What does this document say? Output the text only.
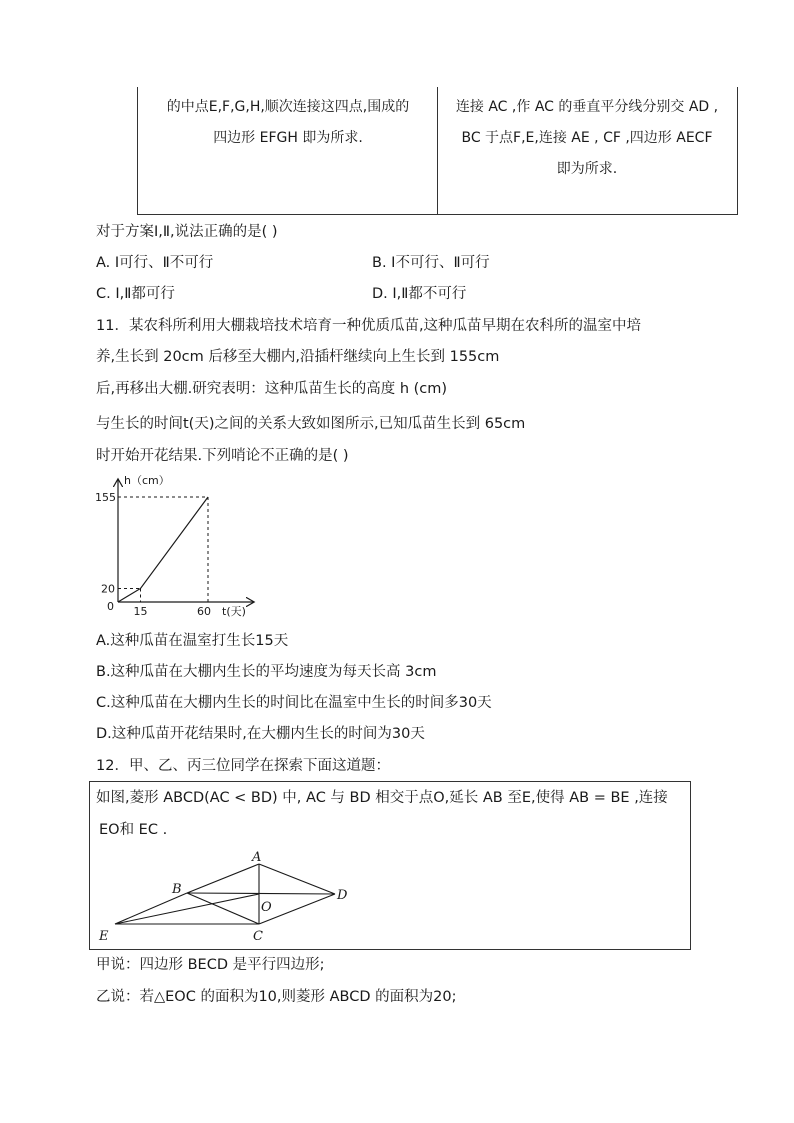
的中点E,F,G,H,顺次连接这四点,围成的
四边形 EFGH 即为所求.
连接 AC ,作 AC 的垂直平分线分别交 AD ,
BC 于点F,E,连接 AE , CF ,四边形 AECF
即为所求.
对于方案Ⅰ,Ⅱ,说法正确的是( )
A. Ⅰ可行、Ⅱ不可行	B. Ⅰ不可行、Ⅱ可行
C. Ⅰ,Ⅱ都可行	D. Ⅰ,Ⅱ都不可行
11．某农科所利用大棚栽培技术培育一种优质瓜苗,这种瓜苗早期在农科所的温室中培
养,生长到 20cm 后移至大棚内,沿插杆继续向上生长到 155cm
后,再移出大棚.研究表明：这种瓜苗生长的高度 h (cm)
与生长的时间t(天)之间的关系大致如图所示,已知瓜苗生长到 65cm
时开始开花结果.下列哨论不正确的是( )
h（cm）
0
20
155
15	60 t(天)
A.这种瓜苗在温室打生长15天
B.这种瓜苗在大棚内生长的平均速度为每天长高 3cm
C.这种瓜苗在大棚内生长的时间比在温室中生长的时间多30天
D.这种瓜苗开花结果时,在大棚内生长的时间为30天
12．甲、乙、丙三位同学在探索下面这道题：
如图,菱形 ABCD(AC < BD) 中, AC 与 BD 相交于点O,延长 AB 至E,使得 AB = BE ,连接
EO和 EC .
A
B
C
D
E
O
甲说：四边形 BECD 是平行四边形;
乙说：若△EOC 的面积为10,则菱形 ABCD 的面积为20;
